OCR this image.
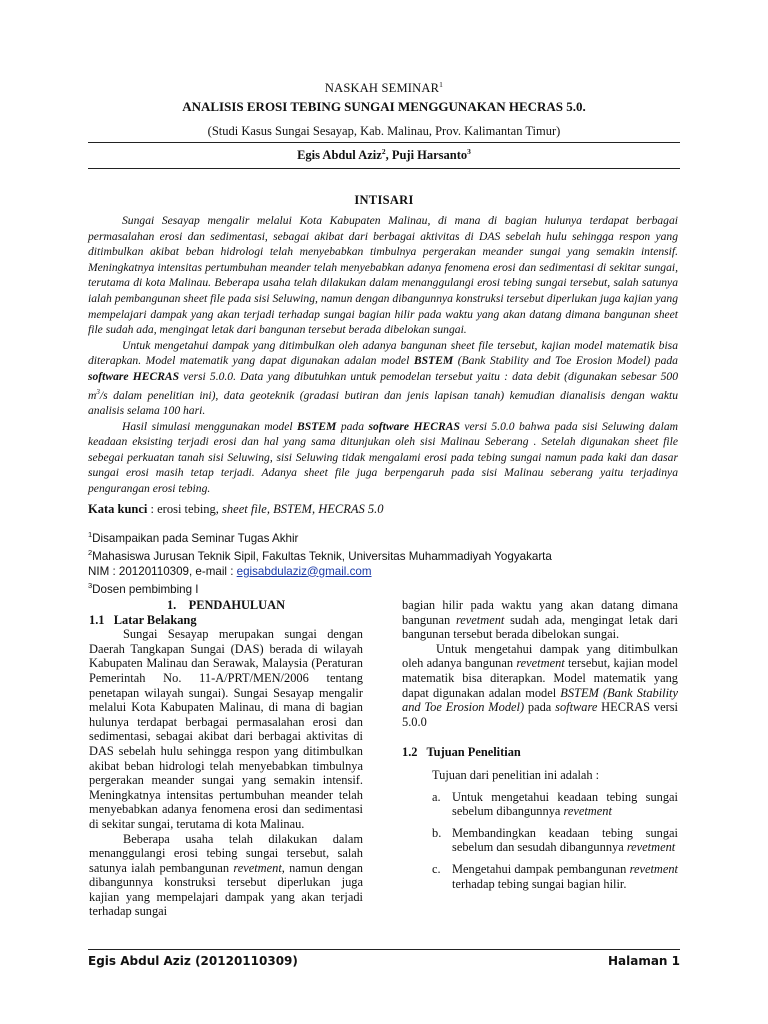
NASKAH SEMINAR$^1$
ANALISIS EROSI TEBING SUNGAI MENGGUNAKAN HECRAS 5.0.
(Studi Kasus Sungai Sesayap, Kab. Malinau, Prov. Kalimantan Timur)
Egis Abdul Aziz$^2$, Puji Harsanto$^3$
INTISARI

Sungai Sesayap mengalir melalui Kota Kabupaten Malinau, di mana di bagian hulunya terdapat berbagai permasalahan erosi dan sedimentasi, sebagai akibat dari berbagai aktivitas di DAS sebelah hulu sehingga respon yang ditimbulkan akibat beban hidrologi telah menyebabkan timbulnya pergerakan meander sungai yang semakin intensif. Meningkatnya intensitas pertumbuhan meander telah menyebabkan adanya fenomena erosi dan sedimentasi di sekitar sungai, terutama di kota Malinau. Beberapa usaha telah dilakukan dalam menanggulangi erosi tebing sungai tersebut, salah satunya ialah pembangunan sheet file pada sisi Seluwing, namun dengan dibangunnya konstruksi tersebut diperlukan juga kajian yang mempelajari dampak yang akan terjadi terhadap sungai bagian hilir pada waktu yang akan datang dimana bangunan sheet file sudah ada, mengingat letak dari bangunan tersebut berada dibelokan sungai.

Untuk mengetahui dampak yang ditimbulkan oleh adanya bangunan sheet file tersebut, kajian model matematik bisa diterapkan. Model matematik yang dapat digunakan adalan model BSTEM (Bank Stability and Toe Erosion Model) pada software HECRAS versi 5.0.0. Data yang dibutuhkan untuk pemodelan tersebut yaitu : data debit (digunakan sebesar 500 $m^3/s$ dalam penelitian ini), data geoteknik (gradasi butiran dan jenis lapisan tanah) kemudian dianalisis dengan waktu analisis selama 100 hari.

Hasil simulasi menggunakan model BSTEM pada software HECRAS versi 5.0.0 bahwa pada sisi Seluwing dalam keadaan eksisting terjadi erosi dan hal yang sama ditunjukan oleh sisi Malinau Seberang . Setelah digunakan sheet file sebegai perkuatan tanah sisi Seluwing, sisi Seluwing tidak mengalami erosi pada tebing sungai namun pada kaki dan dasar sungai erosi masih tetap terjadi. Adanya sheet file juga berpengaruh pada sisi Malinau seberang yaitu terjadinya pengurangan erosi tebing.

Kata kunci : erosi tebing, sheet file, BSTEM, HECRAS 5.0
$^1$Disampaikan pada Seminar Tugas Akhir
$^2$Mahasiswa Jurusan Teknik Sipil, Fakultas Teknik, Universitas Muhammadiyah Yogyakarta
NIM : 20120110309, e-mail : egisabdulaziz@gmail.com
$^3$Dosen pembimbing I

1.    PENDAHULUAN

1.1   Latar Belakang

Sungai Sesayap merupakan sungai dengan Daerah Tangkapan Sungai (DAS) berada di wilayah Kabupaten Malinau dan Serawak, Malaysia (Peraturan Pemerintah No. 11-A/PRT/MEN/2006 tentang penetapan wilayah sungai). Sungai Sesayap mengalir melalui Kota Kabupaten Malinau, di mana di bagian hulunya terdapat berbagai permasalahan erosi dan sedimentasi, sebagai akibat dari berbagai aktivitas di DAS sebelah hulu sehingga respon yang ditimbulkan akibat beban hidrologi telah menyebabkan timbulnya pergerakan meander sungai yang semakin intensif. Meningkatnya intensitas pertumbuhan meander telah menyebabkan adanya fenomena erosi dan sedimentasi di sekitar sungai, terutama di kota Malinau.

Beberapa usaha telah dilakukan dalam menanggulangi erosi tebing sungai tersebut, salah satunya ialah pembangunan revetment, namun dengan dibangunnya konstruksi tersebut diperlukan juga kajian yang mempelajari dampak yang akan terjadi terhadap sungai

bagian hilir pada waktu yang akan datang dimana bangunan revetment sudah ada, mengingat letak dari bangunan tersebut berada dibelokan sungai.

Untuk mengetahui dampak yang ditimbulkan oleh adanya bangunan revetment tersebut, kajian model matematik bisa diterapkan. Model matematik yang dapat digunakan adalan model BSTEM (Bank Stability and Toe Erosion Model) pada software HECRAS versi 5.0.0

1.2   Tujuan Penelitian

Tujuan dari penelitian ini adalah :

a. Untuk mengetahui keadaan tebing sungai sebelum dibangunnya revetment
b. Membandingkan keadaan tebing sungai sebelum dan sesudah dibangunnya revetment
c. Mengetahui dampak pembangunan revetment terhadap tebing sungai bagian hilir.
Egis Abdul Aziz (20120110309)	Halaman 1
